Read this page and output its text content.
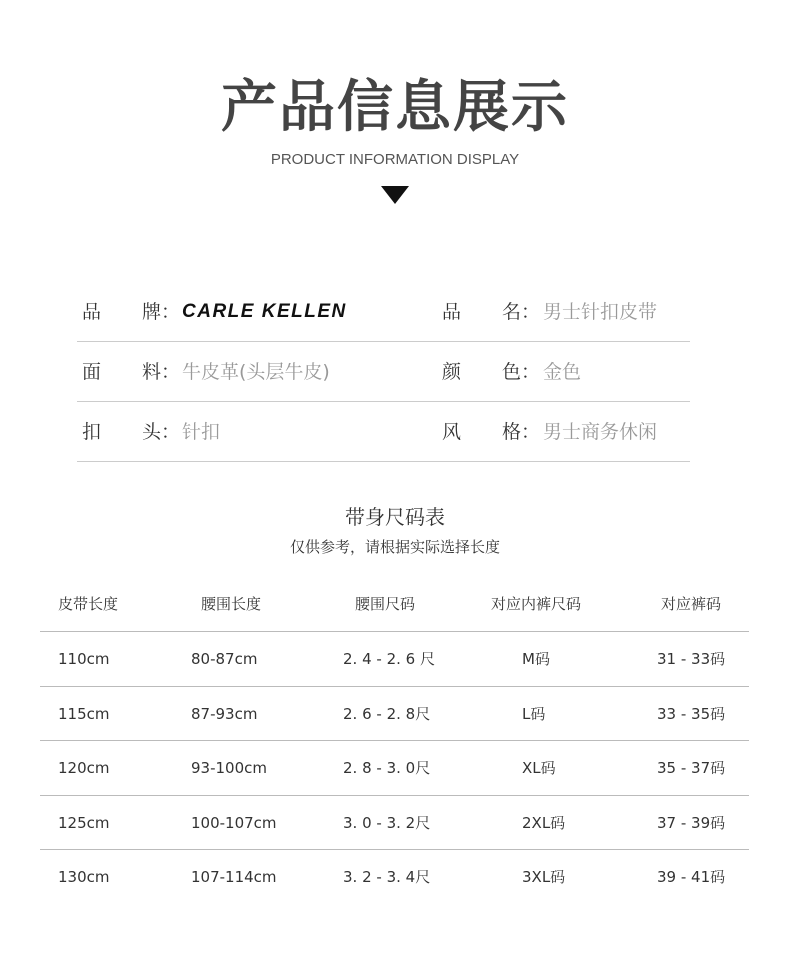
产品信息展示
PRODUCT INFORMATION DISPLAY
品 牌： CARLE KELLEN	品 名： 男士针扣皮带
面 料： 牛皮革(头层牛皮)	颜 色： 金色
扣 头： 针扣	风 格： 男士商务休闲
带身尺码表
仅供参考，请根据实际选择长度
皮带长度	腰围长度	腰围尺码	对应内裤尺码	对应裤码
110cm	80-87cm	2. 4 - 2. 6 尺	M码	31 - 33码
115cm	87-93cm	2. 6 - 2. 8尺	L码	33 - 35码
120cm	93-100cm	2. 8 - 3. 0尺	XL码	35 - 37码
125cm	100-107cm	3. 0 - 3. 2尺	2XL码	37 - 39码
130cm	107-114cm	3. 2 - 3. 4尺	3XL码	39 - 41码
